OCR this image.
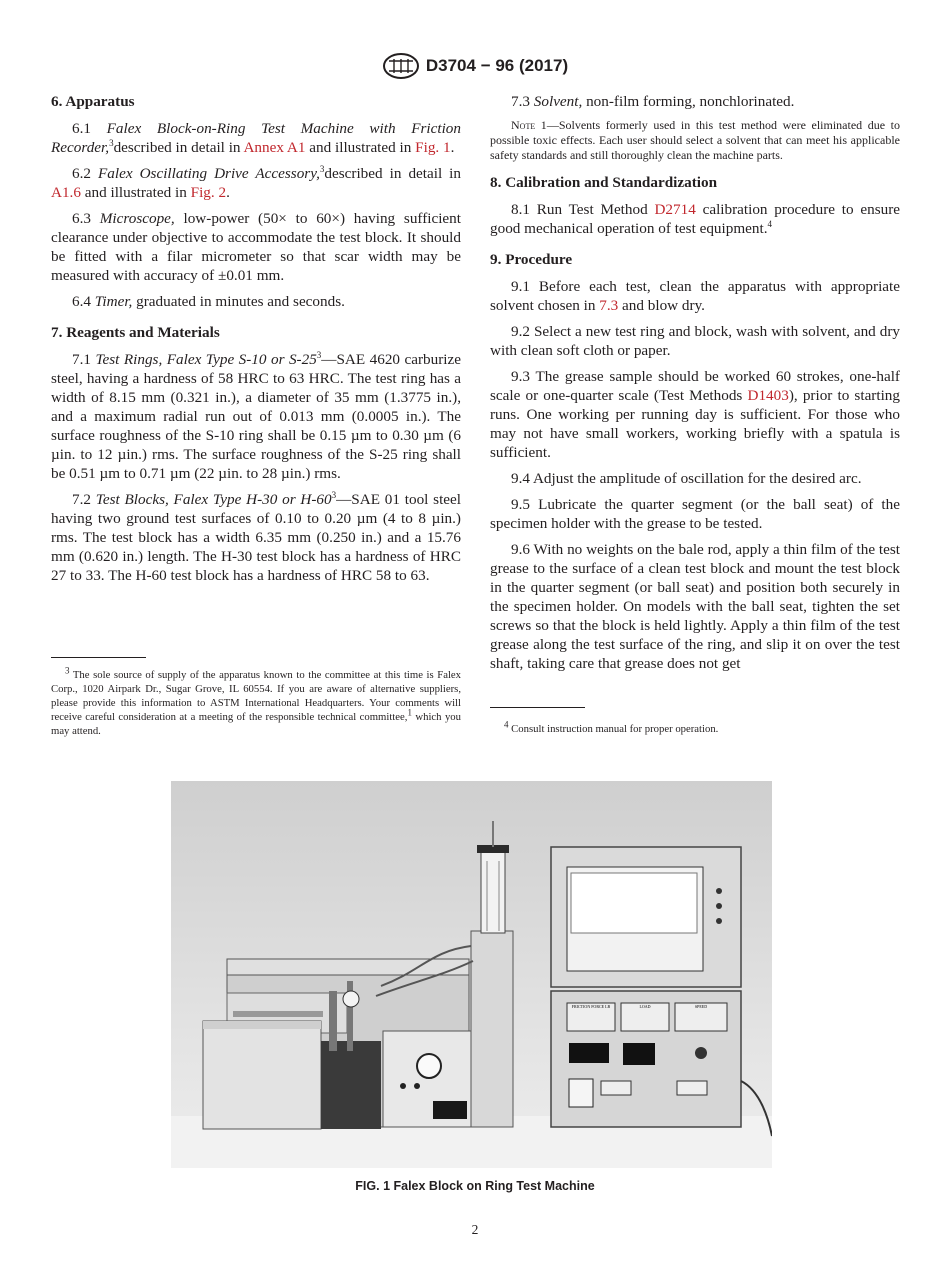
D3704 − 96 (2017)
6. Apparatus

6.1 Falex Block-on-Ring Test Machine with Friction Recorder,$^3$described in detail in Annex A1 and illustrated in Fig. 1.

6.2 Falex Oscillating Drive Accessory,$^3$described in detail in A1.6 and illustrated in Fig. 2.

6.3 Microscope, low-power (50× to 60×) having sufficient clearance under objective to accommodate the test block. It should be fitted with a filar micrometer so that scar width may be measured with accuracy of ±0.01 mm.

6.4 Timer, graduated in minutes and seconds.

7. Reagents and Materials

7.1 Test Rings, Falex Type S-10 or $S-25^3—SAE$ 4620 carburize steel, having a hardness of 58 HRC to 63 HRC. The test ring has a width of 8.15 mm (0.321 in.), a diameter of 35 mm (1.3775 in.), and a maximum radial run out of 0.013 mm (0.0005 in.). The surface roughness of the S-10 ring shall be 0.15 µm to 0.30 µm (6 µin. to 12 µin.) rms. The surface roughness of the S-25 ring shall be 0.51 µm to 0.71 µm (22 µin. to 28 µin.) rms.

7.2 Test Blocks, Falex Type H-30 or $H-60^3—SAE$ 01 tool steel having two ground test surfaces of 0.10 to 0.20 µm (4 to 8 µin.) rms. The test block has a width 6.35 mm (0.250 in.) and a 15.76 mm (0.620 in.) length. The H-30 test block has a hardness of HRC 27 to 33. The H-60 test block has a hardness of HRC 58 to 63.

$^3$ The sole source of supply of the apparatus known to the committee at this time is Falex Corp., 1020 Airpark Dr., Sugar Grove, IL 60554. If you are aware of alternative suppliers, please provide this information to ASTM International Headquarters. Your comments will receive careful consideration at a meeting of the responsible technical committee,$^1$ which you may attend.

7.3 Solvent, non-film forming, nonchlorinated.

Note 1—Solvents formerly used in this test method were eliminated due to possible toxic effects. Each user should select a solvent that can meet his applicable safety standards and still thoroughly clean the machine parts.
8. Calibration and Standardization

8.1 Run Test Method D2714 calibration procedure to ensure good mechanical operation of test equipment.$^4$

9. Procedure

9.1 Before each test, clean the apparatus with appropriate solvent chosen in 7.3 and blow dry.

9.2 Select a new test ring and block, wash with solvent, and dry with clean soft cloth or paper.

9.3 The grease sample should be worked 60 strokes, one-half scale or one-quarter scale (Test Methods D1403), prior to starting runs. One working per running day is sufficient. For those who may not have small workers, working briefly with a spatula is sufficient.

9.4 Adjust the amplitude of oscillation for the desired arc.

9.5 Lubricate the quarter segment (or the ball seat) of the specimen holder with the grease to be tested.

9.6 With no weights on the bale rod, apply a thin film of the test grease to the surface of a clean test block and mount the test block in the quarter segment (or ball seat) and position both securely in the specimen holder. On models with the ball seat, tighten the set screws so that the block is held lightly. Apply a thin film of the test grease along the test surface of the ring, and slip it on over the test shaft, taking care that grease does not get

$^4$ Consult instruction manual for proper operation.
FRICTION FORCE LB	LOAD	SPEED
FIG. 1 Falex Block on Ring Test Machine
2
